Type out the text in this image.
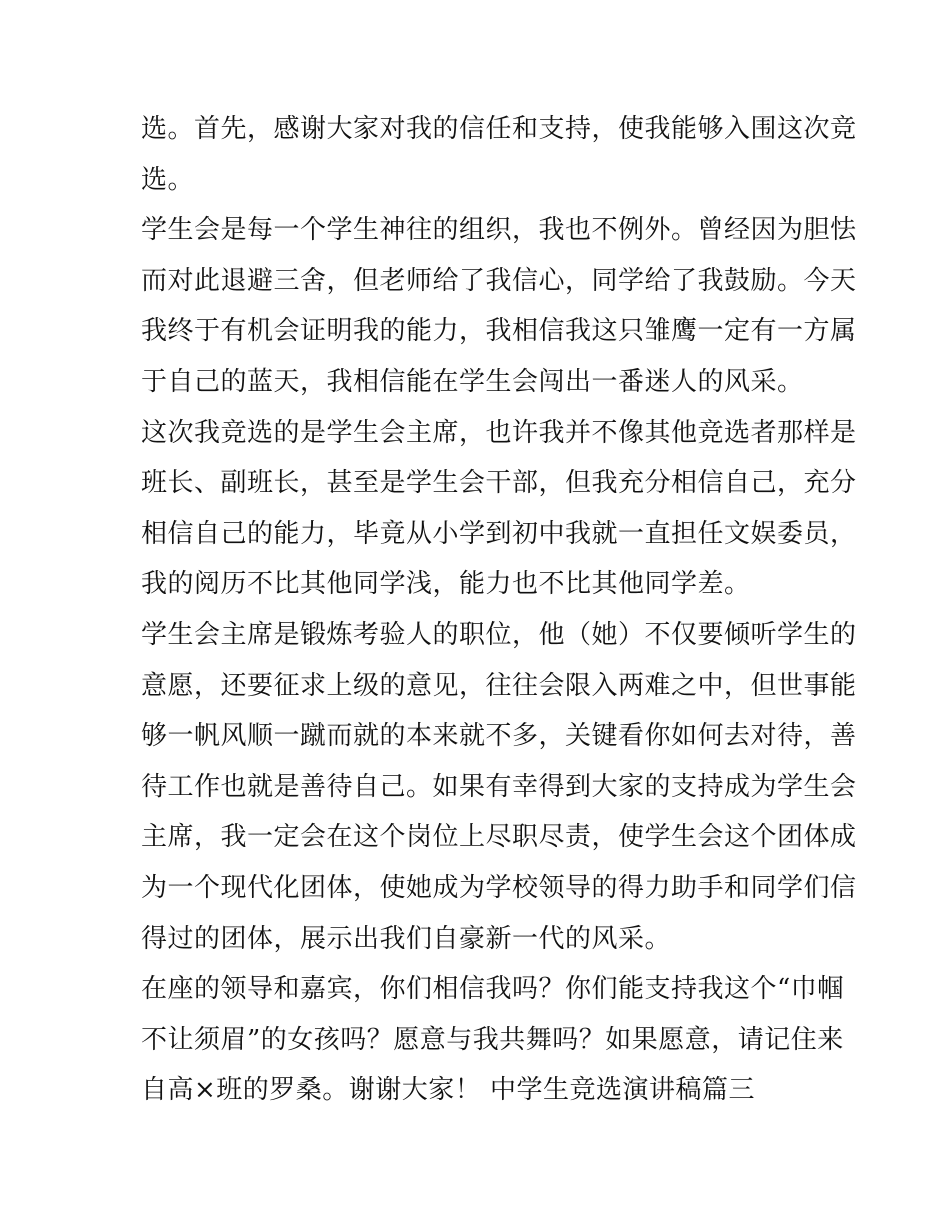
选。首先，感谢大家对我的信任和支持，使我能够入围这次竞
选。
学生会是每一个学生神往的组织，我也不例外。曾经因为胆怯
而对此退避三舍，但老师给了我信心，同学给了我鼓励。今天
我终于有机会证明我的能力，我相信我这只雏鹰一定有一方属
于自己的蓝天，我相信能在学生会闯出一番迷人的风采。
这次我竞选的是学生会主席，也许我并不像其他竞选者那样是
班长、副班长，甚至是学生会干部，但我充分相信自己，充分
相信自己的能力，毕竟从小学到初中我就一直担任文娱委员，
我的阅历不比其他同学浅，能力也不比其他同学差。
学生会主席是锻炼考验人的职位，他（她）不仅要倾听学生的
意愿，还要征求上级的意见，往往会限入两难之中，但世事能
够一帆风顺一蹴而就的本来就不多，关键看你如何去对待，善
待工作也就是善待自己。如果有幸得到大家的支持成为学生会
主席，我一定会在这个岗位上尽职尽责，使学生会这个团体成
为一个现代化团体，使她成为学校领导的得力助手和同学们信
得过的团体，展示出我们自豪新一代的风采。
在座的领导和嘉宾，你们相信我吗？你们能支持我这个“巾帼
不让须眉”的女孩吗？愿意与我共舞吗？如果愿意，请记住来
自高×班的罗桑。谢谢大家！ 中学生竞选演讲稿篇三
